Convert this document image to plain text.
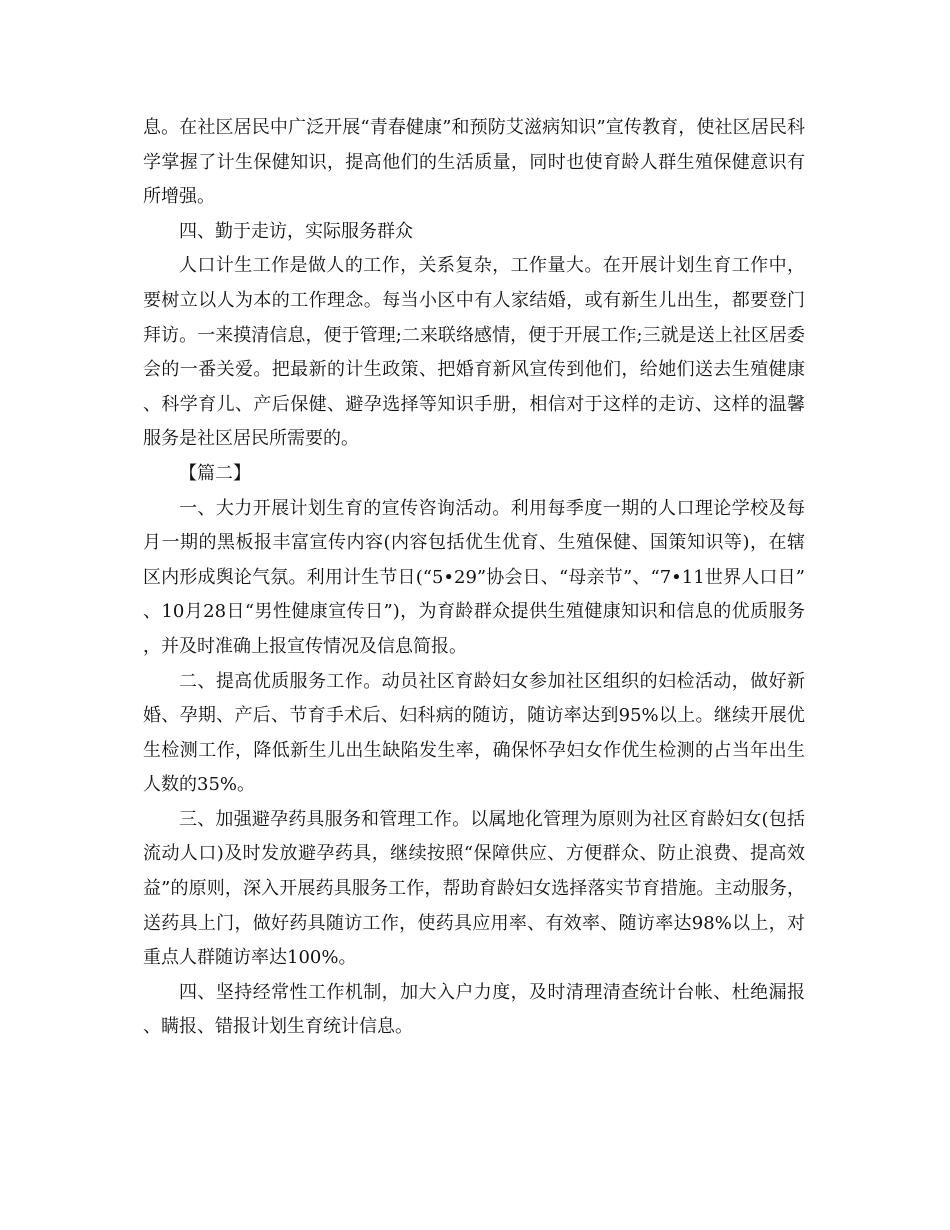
息。在社区居民中广泛开展“青春健康”和预防艾滋病知识”宣传教育，使社区居民科学掌握了计生保健知识，提高他们的生活质量，同时也使育龄人群生殖保健意识有所增强。

四、勤于走访，实际服务群众

人口计生工作是做人的工作，关系复杂，工作量大。在开展计划生育工作中，要树立以人为本的工作理念。每当小区中有人家结婚，或有新生儿出生，都要登门拜访。一来摸清信息，便于管理;二来联络感情，便于开展工作;三就是送上社区居委会的一番关爱。把最新的计生政策、把婚育新风宣传到他们，给她们送去生殖健康、科学育儿、产后保健、避孕选择等知识手册，相信对于这样的走访、这样的温馨服务是社区居民所需要的。

【篇二】

一、大力开展计划生育的宣传咨询活动。利用每季度一期的人口理论学校及每月一期的黑板报丰富宣传内容(内容包括优生优育、生殖保健、国策知识等)，在辖区内形成舆论气氛。利用计生节日(“5•29”协会日、“母亲节”、“7•11世界人口日”、10月28日“男性健康宣传日”)，为育龄群众提供生殖健康知识和信息的优质服务，并及时准确上报宣传情况及信息简报。

二、提高优质服务工作。动员社区育龄妇女参加社区组织的妇检活动，做好新婚、孕期、产后、节育手术后、妇科病的随访，随访率达到95%以上。继续开展优生检测工作，降低新生儿出生缺陷发生率，确保怀孕妇女作优生检测的占当年出生人数的35%。

三、加强避孕药具服务和管理工作。以属地化管理为原则为社区育龄妇女(包括流动人口)及时发放避孕药具，继续按照“保障供应、方便群众、防止浪费、提高效益”的原则，深入开展药具服务工作，帮助育龄妇女选择落实节育措施。主动服务，送药具上门，做好药具随访工作，使药具应用率、有效率、随访率达98%以上，对重点人群随访率达100%。

四、坚持经常性工作机制，加大入户力度，及时清理清查统计台帐、杜绝漏报、瞒报、错报计划生育统计信息。
